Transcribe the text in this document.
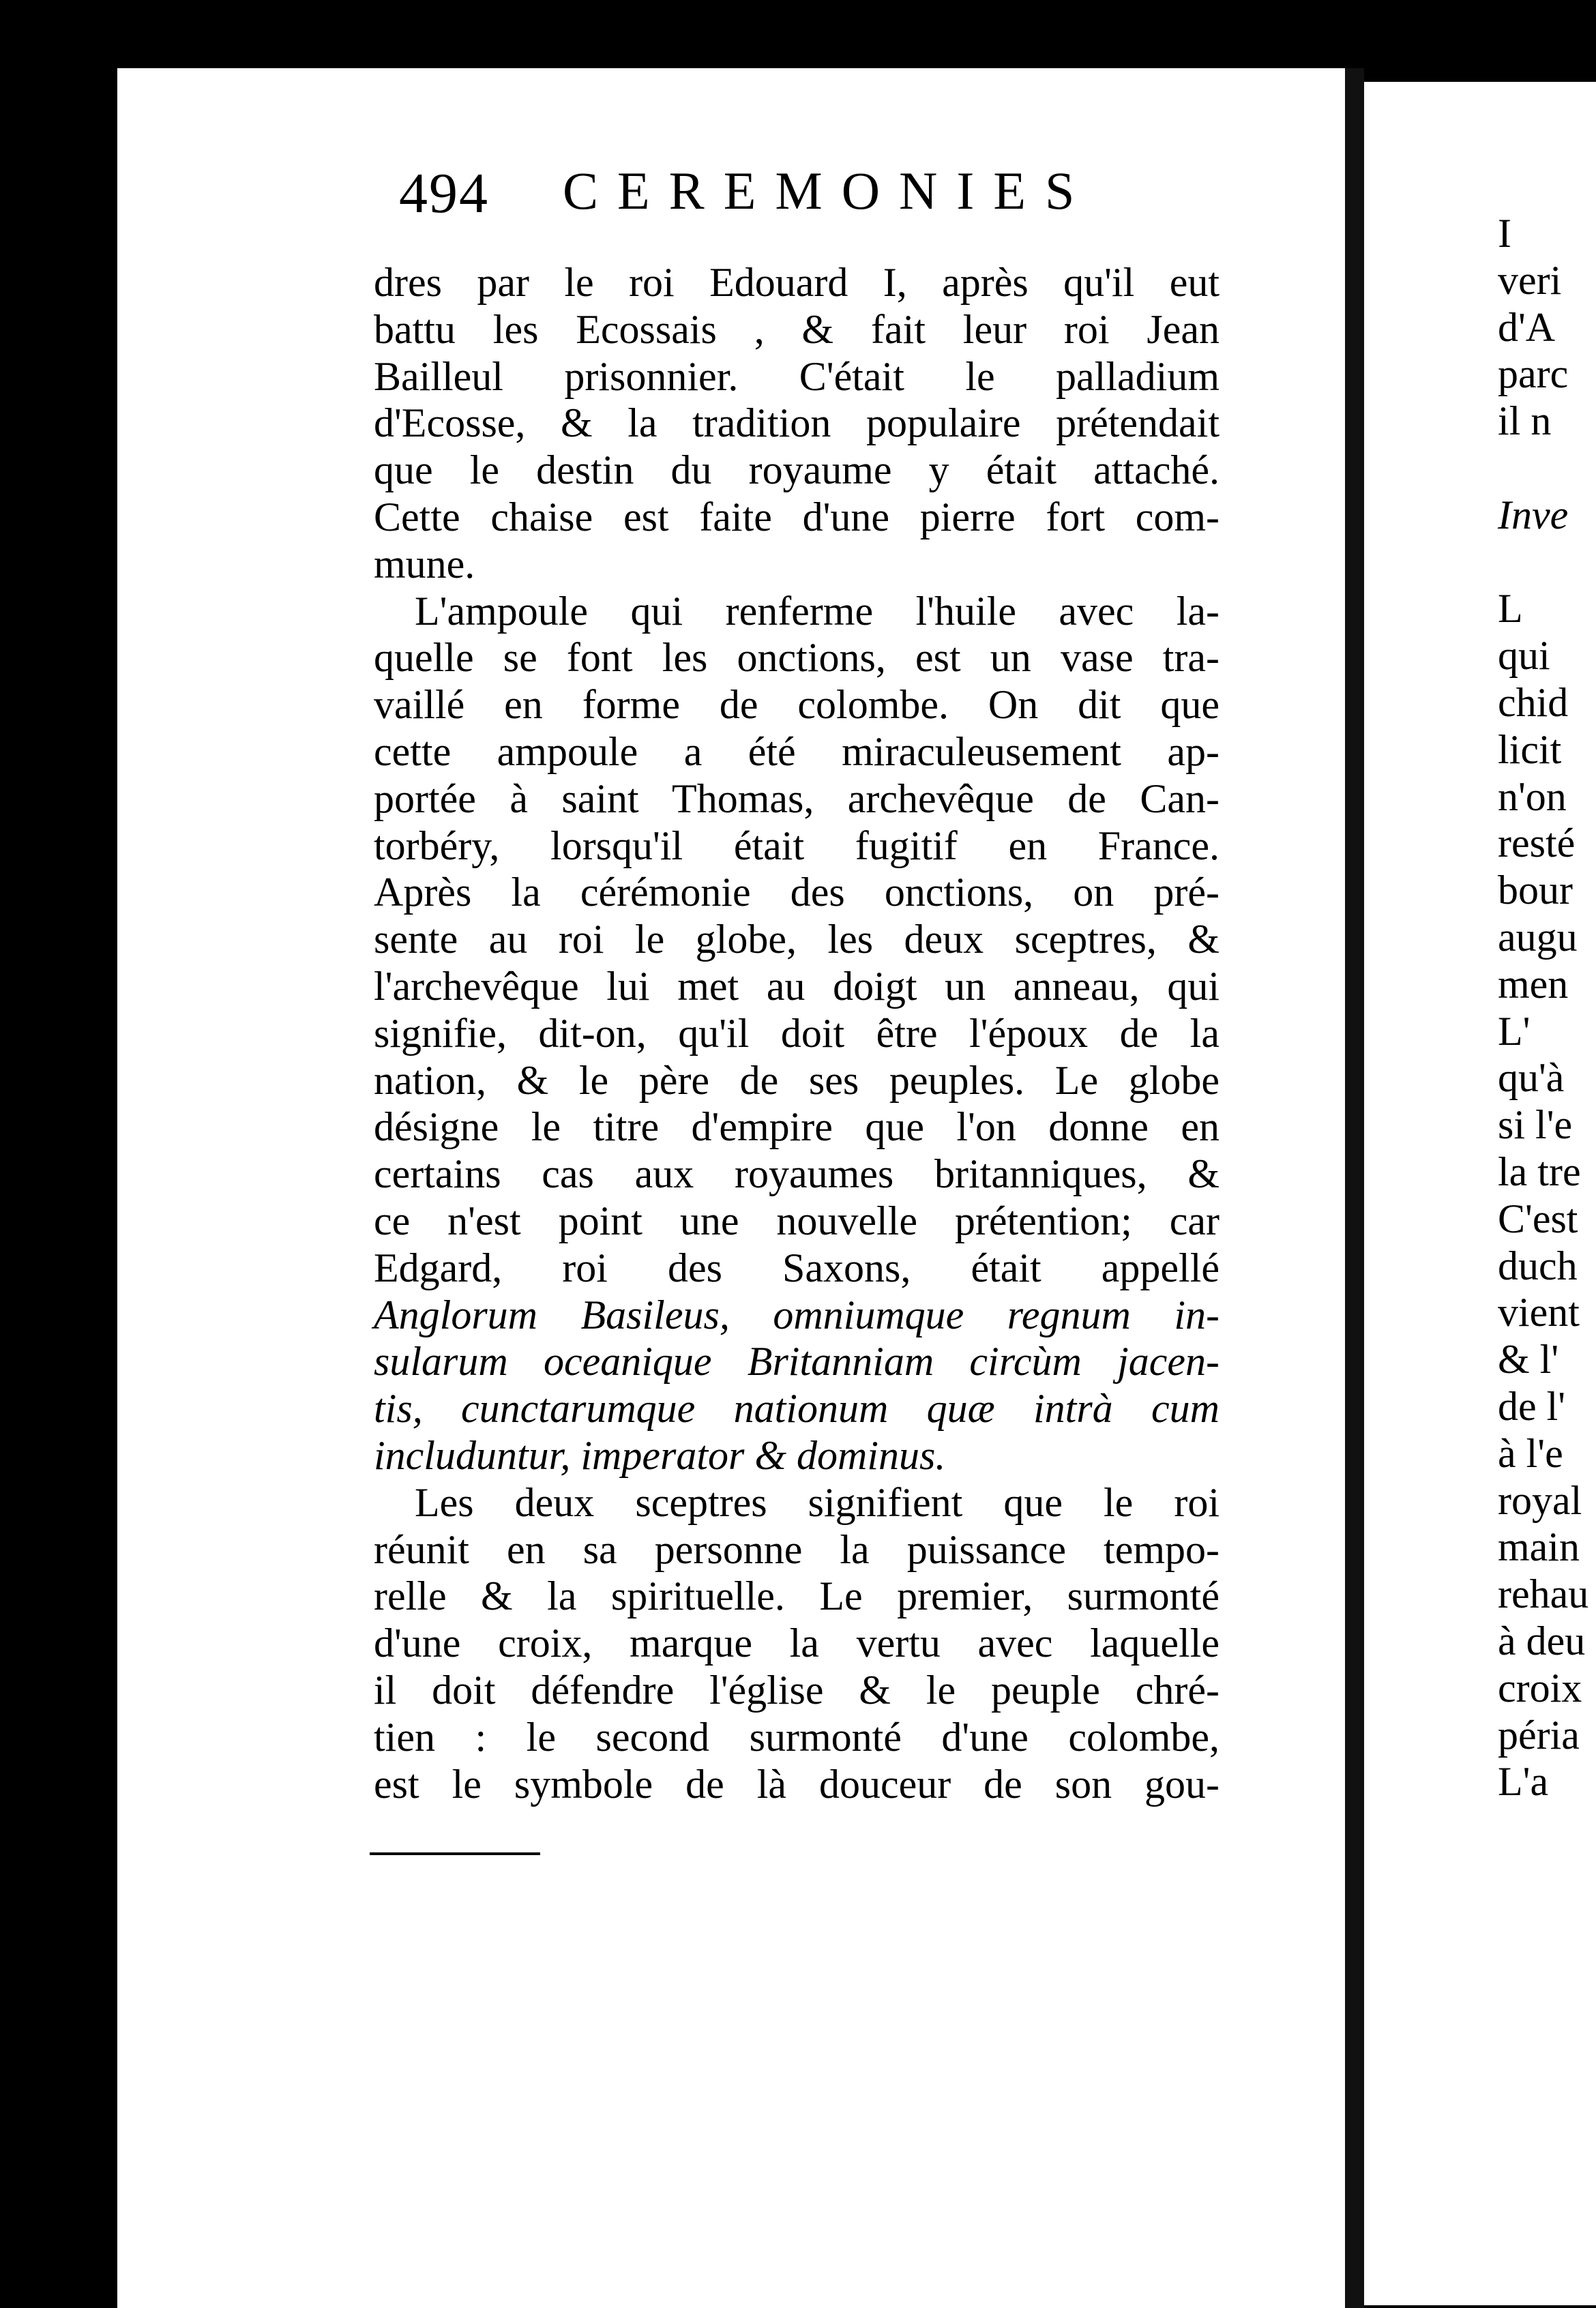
494 CEREMONIES
dres par le roi Edouard I, après qu'il eut
battu les Ecossais , & fait leur roi Jean
Bailleul prisonnier. C'était le palladium
d'Ecosse, & la tradition populaire prétendait
que le destin du royaume y était attaché.
Cette chaise est faite d'une pierre fort com-
mune.
L'ampoule qui renferme l'huile avec la-
quelle se font les onctions, est un vase tra-
vaillé en forme de colombe. On dit que
cette ampoule a été miraculeusement ap-
portée à saint Thomas, archevêque de Can-
torbéry, lorsqu'il était fugitif en France.
Après la cérémonie des onctions, on pré-
sente au roi le globe, les deux sceptres, &
l'archevêque lui met au doigt un anneau, qui
signifie, dit-on, qu'il doit être l'époux de la
nation, & le père de ses peuples. Le globe
désigne le titre d'empire que l'on donne en
certains cas aux royaumes britanniques, &
ce n'est point une nouvelle prétention; car
Edgard, roi des Saxons, était appellé
Anglorum Basileus, omniumque regnum in-
sularum oceanique Britanniam circùm jacen-
tis, cunctarumque nationum quæ intrà cum
includuntur, imperator & dominus.
Les deux sceptres signifient que le roi
réunit en sa personne la puissance tempo-
relle & la spirituelle. Le premier, surmonté
d'une croix, marque la vertu avec laquelle
il doit défendre l'église & le peuple chré-
tien : le second surmonté d'une colombe,
est le symbole de là douceur de son gou-
I
veri
d'A
parc
il n
Inve
L
qui
chid
licit
n'on
resté
bour
augu
men
L'
qu'à
si l'e
la tre
C'est
duch
vient
& l'
de l'
à l'e
royal
main
rehau
à deu
croix
péria
L'a
